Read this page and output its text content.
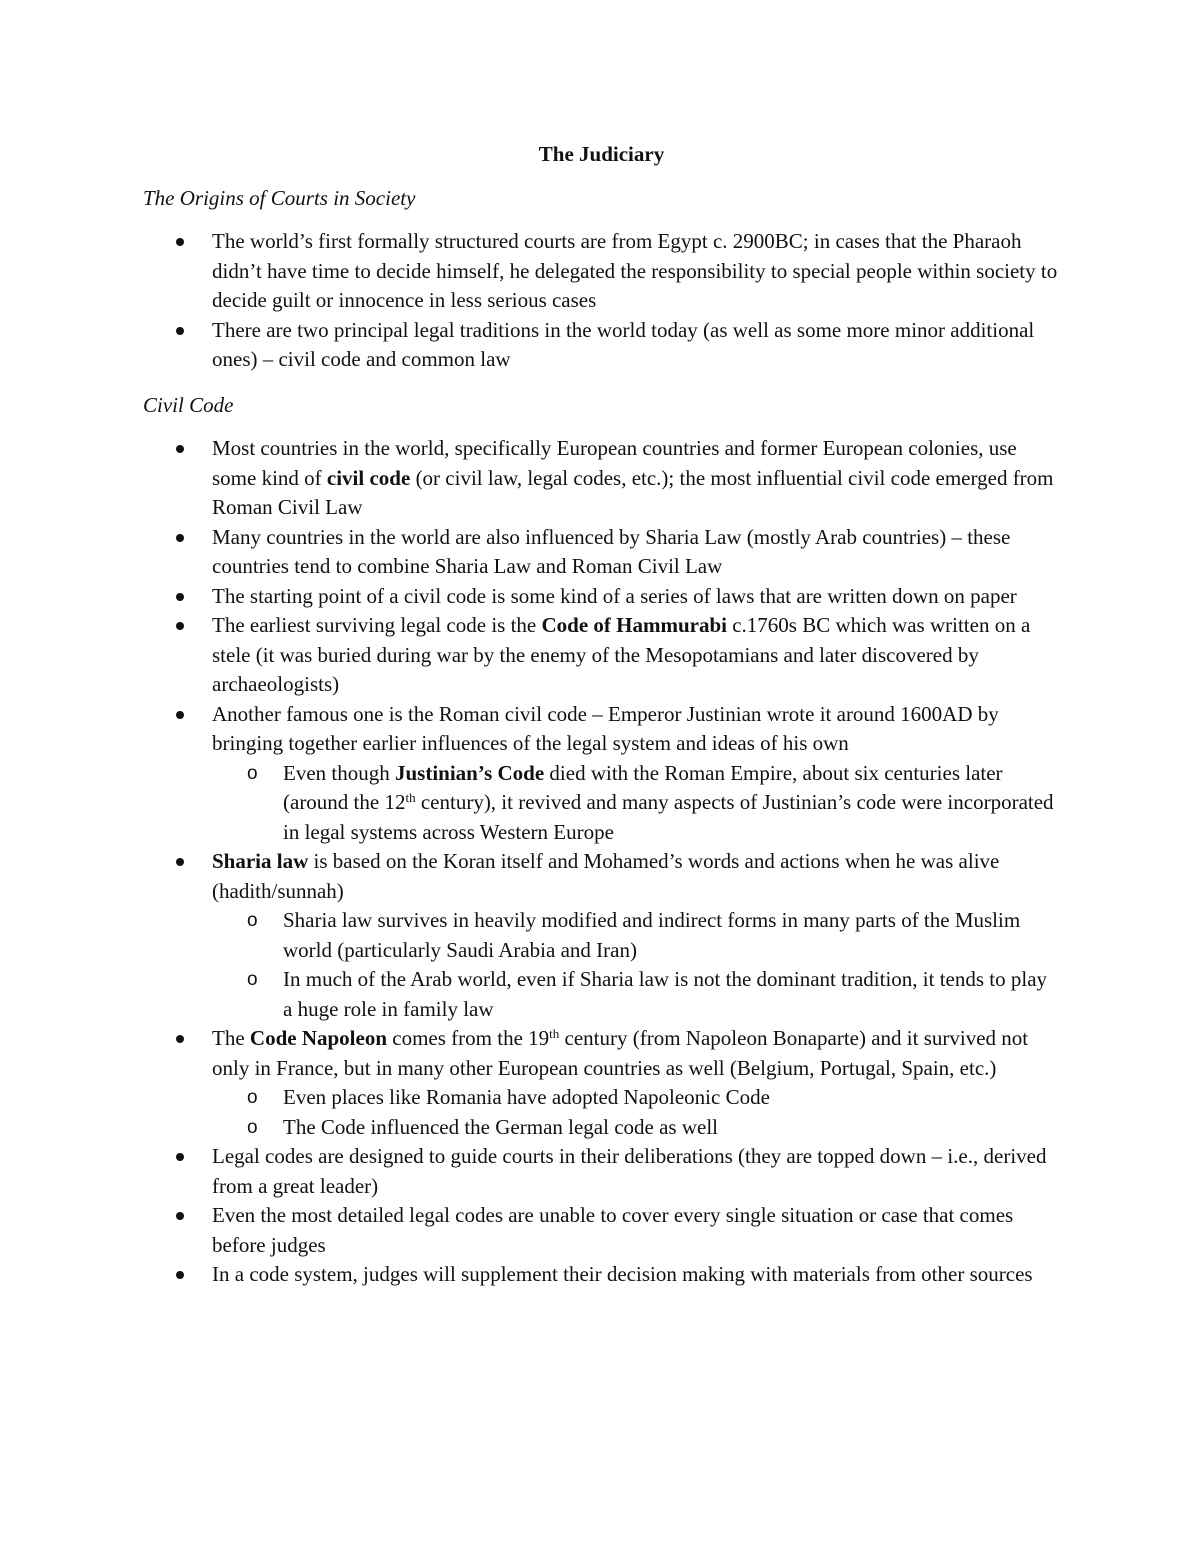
The Judiciary
The Origins of Courts in Society
The world’s first formally structured courts are from Egypt c. 2900BC; in cases that the Pharaoh didn’t have time to decide himself, he delegated the responsibility to special people within society to decide guilt or innocence in less serious cases
There are two principal legal traditions in the world today (as well as some more minor additional ones) – civil code and common law
Civil Code
Most countries in the world, specifically European countries and former European colonies, use some kind of civil code (or civil law, legal codes, etc.); the most influential civil code emerged from Roman Civil Law
Many countries in the world are also influenced by Sharia Law (mostly Arab countries) – these countries tend to combine Sharia Law and Roman Civil Law
The starting point of a civil code is some kind of a series of laws that are written down on paper
The earliest surviving legal code is the Code of Hammurabi c.1760s BC which was written on a stele (it was buried during war by the enemy of the Mesopotamians and later discovered by archaeologists)
Another famous one is the Roman civil code – Emperor Justinian wrote it around 1600AD by bringing together earlier influences of the legal system and ideas of his own
o Even though Justinian’s Code died with the Roman Empire, about six centuries later (around the 12th century), it revived and many aspects of Justinian’s code were incorporated in legal systems across Western Europe
Sharia law is based on the Koran itself and Mohamed’s words and actions when he was alive (hadith/sunnah)
o Sharia law survives in heavily modified and indirect forms in many parts of the Muslim world (particularly Saudi Arabia and Iran)
o In much of the Arab world, even if Sharia law is not the dominant tradition, it tends to play a huge role in family law
The Code Napoleon comes from the 19th century (from Napoleon Bonaparte) and it survived not only in France, but in many other European countries as well (Belgium, Portugal, Spain, etc.)
o Even places like Romania have adopted Napoleonic Code
o The Code influenced the German legal code as well
Legal codes are designed to guide courts in their deliberations (they are topped down – i.e., derived from a great leader)
Even the most detailed legal codes are unable to cover every single situation or case that comes before judges
In a code system, judges will supplement their decision making with materials from other sources
